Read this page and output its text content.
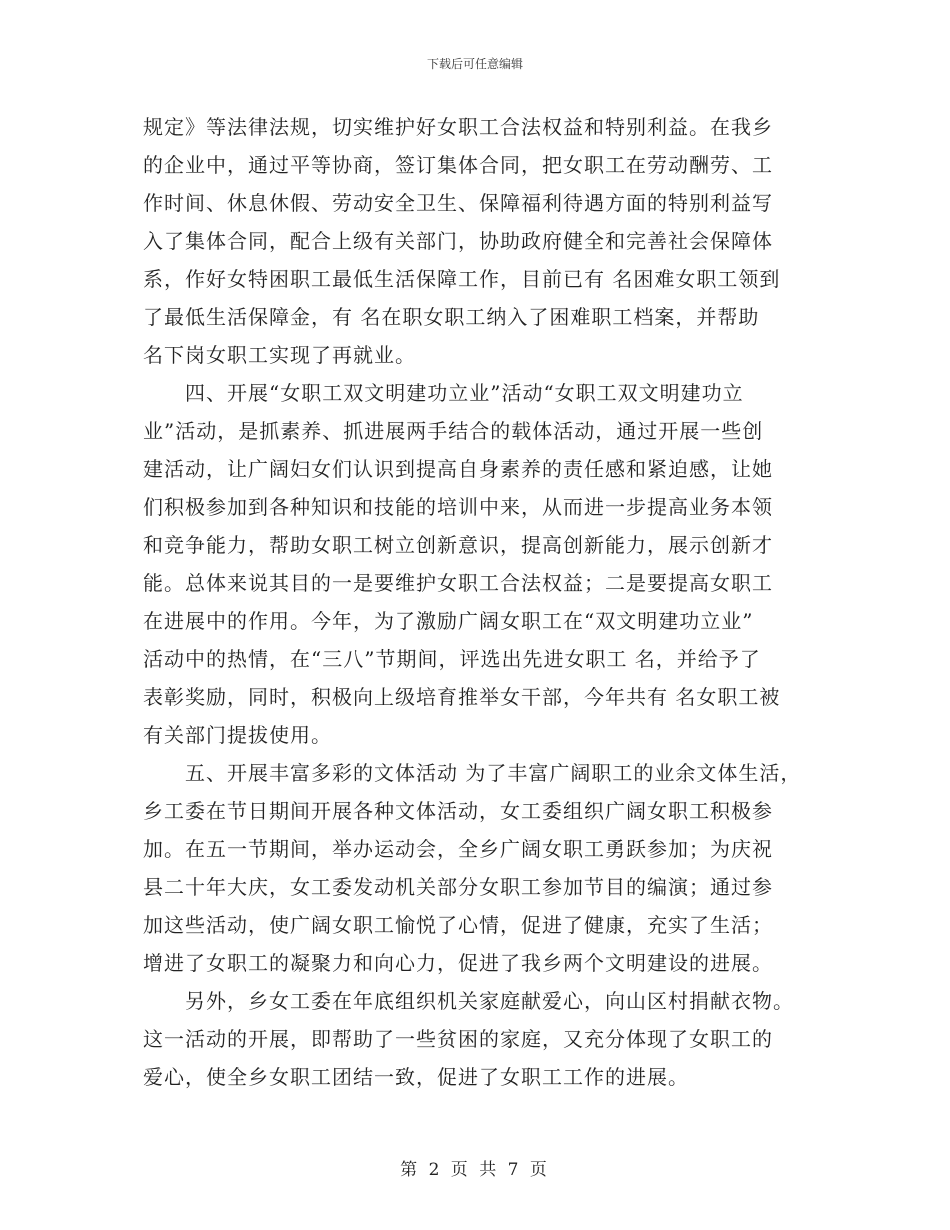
下载后可任意编辑
规定》等法律法规，切实维护好女职工合法权益和特别利益。在我乡
的企业中，通过平等协商，签订集体合同，把女职工在劳动酬劳、工
作时间、休息休假、劳动安全卫生、保障福利待遇方面的特别利益写
入了集体合同，配合上级有关部门，协助政府健全和完善社会保障体
系，作好女特困职工最低生活保障工作，目前已有 名困难女职工领到
了最低生活保障金，有 名在职女职工纳入了困难职工档案，并帮助
名下岗女职工实现了再就业。
四、开展“女职工双文明建功立业”活动“女职工双文明建功立
业”活动，是抓素养、抓进展两手结合的载体活动，通过开展一些创
建活动，让广阔妇女们认识到提高自身素养的责任感和紧迫感，让她
们积极参加到各种知识和技能的培训中来，从而进一步提高业务本领
和竞争能力，帮助女职工树立创新意识，提高创新能力，展示创新才
能。总体来说其目的一是要维护女职工合法权益；二是要提高女职工
在进展中的作用。今年，为了激励广阔女职工在“双文明建功立业”
活动中的热情，在“三八”节期间，评选出先进女职工 名，并给予了
表彰奖励，同时，积极向上级培育推举女干部，今年共有 名女职工被
有关部门提拔使用。
五、开展丰富多彩的文体活动 为了丰富广阔职工的业余文体生活，
乡工委在节日期间开展各种文体活动，女工委组织广阔女职工积极参
加。在五一节期间，举办运动会，全乡广阔女职工勇跃参加；为庆祝
县二十年大庆，女工委发动机关部分女职工参加节目的编演；通过参
加这些活动，使广阔女职工愉悦了心情，促进了健康，充实了生活；
增进了女职工的凝聚力和向心力，促进了我乡两个文明建设的进展。
另外，乡女工委在年底组织机关家庭献爱心，向山区村捐献衣物。
这一活动的开展，即帮助了一些贫困的家庭，又充分体现了女职工的
爱心，使全乡女职工团结一致，促进了女职工工作的进展。
第 2 页 共 7 页
